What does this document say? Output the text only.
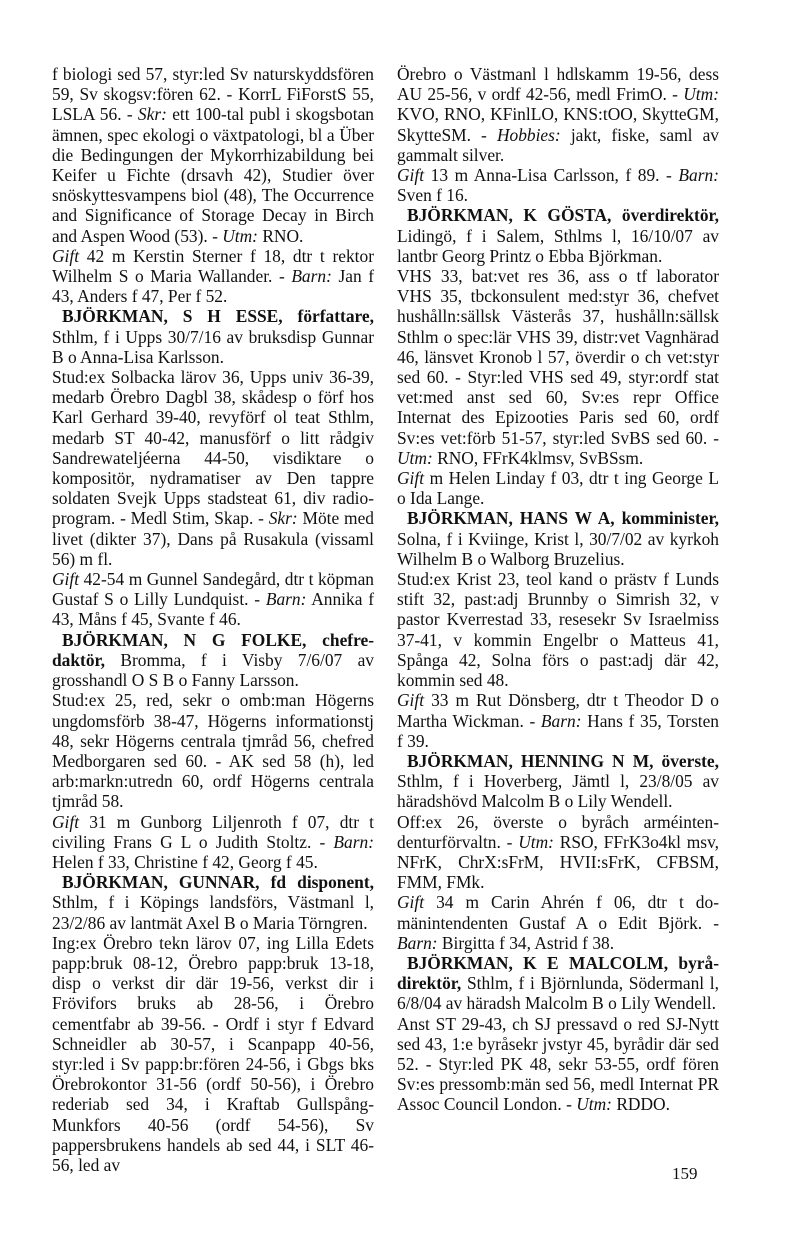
f biologi sed 57, styr:led Sv naturskyddsfören 59, Sv skogsv:fören 62. - KorrL FiForstS 55, LSLA 56. - Skr: ett 100-tal publ i skogsbotan ämnen, spec ekologi o växtpatologi, bl a Über die Bedingungen der Mykorrhizabildung bei Keifer u Fichte (drsavh 42), Studier över snöskyttesvampens biol (48), The Occurrence and Significance of Storage Decay in Birch and Aspen Wood (53). - Utm: RNO.

Gift 42 m Kerstin Sterner f 18, dtr t rektor Wilhelm S o Maria Wallander. - Barn: Jan f 43, Anders f 47, Per f 52.

BJÖRKMAN, S H ESSE, författare, Sthlm, f i Upps 30/7/16 av bruksdisp Gunnar B o Anna-Lisa Karlsson.

Stud:ex Solbacka lärov 36, Upps univ 36-39, medarb Örebro Dagbl 38, skådesp o förf hos Karl Gerhard 39-40, revyförf ol teat Sthlm, medarb ST 40-42, manusförf o litt rådgiv Sandrewateljéerna 44-50, visdiktare o kompositör, nydramatiser av Den tappre soldaten Svejk Upps stadsteat 61, div radioprogram. - Medl Stim, Skap. - Skr: Möte med livet (dikter 37), Dans på Rusakula (vissaml 56) m fl.

Gift 42-54 m Gunnel Sandegård, dtr t köpman Gustaf S o Lilly Lundquist. - Barn: Annika f 43, Måns f 45, Svante f 46.

BJÖRKMAN, N G FOLKE, chefredaktör, Bromma, f i Visby 7/6/07 av grosshandl O S B o Fanny Larsson.

Stud:ex 25, red, sekr o omb:man Högerns ungdomsförb 38-47, Högerns informationstj 48, sekr Högerns centrala tjmråd 56, chefred Medborgaren sed 60. - AK sed 58 (h), led arb:markn:utredn 60, ordf Högerns centrala tjmråd 58.

Gift 31 m Gunborg Liljenroth f 07, dtr t civiling Frans G L o Judith Stoltz. - Barn: Helen f 33, Christine f 42, Georg f 45.

BJÖRKMAN, GUNNAR, fd disponent, Sthlm, f i Köpings landsförs, Västmanl l, 23/2/86 av lantmät Axel B o Maria Törngren.

Ing:ex Örebro tekn lärov 07, ing Lilla Edets papp:bruk 08-12, Örebro papp:bruk 13-18, disp o verkst dir där 19-56, verkst dir i Frövifors bruks ab 28-56, i Örebro cementfabr ab 39-56. - Ordf i styr f Edvard Schneidler ab 30-57, i Scanpapp 40-56, styr:led i Sv papp:br:fören 24-56, i Gbgs bks Örebrokontor 31-56 (ordf 50-56), i Örebro rederiab sed 34, i Kraftab Gullspång-Munkfors 40-56 (ordf 54-56), Sv pappersbrukens handels ab sed 44, i SLT 46-56, led av

Örebro o Västmanl l hdlskamm 19-56, dess AU 25-56, v ordf 42-56, medl FrimO. - Utm: KVO, RNO, KFinlLO, KNS:tOO, SkytteGM, SkytteSM. - Hobbies: jakt, fiske, saml av gammalt silver.

Gift 13 m Anna-Lisa Carlsson, f 89. - Barn: Sven f 16.

BJÖRKMAN, K GÖSTA, överdirektör, Lidingö, f i Salem, Sthlms l, 16/10/07 av lantbr Georg Printz o Ebba Björkman.

VHS 33, bat:vet res 36, ass o tf laborator VHS 35, tbckonsulent med:styr 36, chefvet hushålln:sällsk Västerås 37, hushålln:sällsk Sthlm o spec:lär VHS 39, distr:vet Vagnhärad 46, länsvet Kronob l 57, överdir o ch vet:styr sed 60. - Styr:led VHS sed 49, styr:ordf stat vet:med anst sed 60, Sv:es repr Office Internat des Epizooties Paris sed 60, ordf Sv:es vet:förb 51-57, styr:led SvBS sed 60. - Utm: RNO, FFrK4klmsv, SvBSsm.

Gift m Helen Linday f 03, dtr t ing George L o Ida Lange.

BJÖRKMAN, HANS W A, komminister, Solna, f i Kviinge, Krist l, 30/7/02 av kyrkoh Wilhelm B o Walborg Bruzelius.

Stud:ex Krist 23, teol kand o prästv f Lunds stift 32, past:adj Brunnby o Simrish 32, v pastor Kverrestad 33, resesekr Sv Israelmiss 37-41, v kommin Engelbr o Matteus 41, Spånga 42, Solna förs o past:adj där 42, kommin sed 48.

Gift 33 m Rut Dönsberg, dtr t Theodor D o Martha Wickman. - Barn: Hans f 35, Torsten f 39.

BJÖRKMAN, HENNING N M, överste, Sthlm, f i Hoverberg, Jämtl l, 23/8/05 av häradshövd Malcolm B o Lily Wendell.

Off:ex 26, överste o byråch arméintendenturförvaltn. - Utm: RSO, FFrK3o4kl msv, NFrK, ChrX:sFrM, HVII:sFrK, CFBSM, FMM, FMk.

Gift 34 m Carin Ahrén f 06, dtr t domänintendenten Gustaf A o Edit Björk. - Barn: Birgitta f 34, Astrid f 38.

BJÖRKMAN, K E MALCOLM, byrådirektör, Sthlm, f i Björnlunda, Södermanl l, 6/8/04 av häradsh Malcolm B o Lily Wendell.

Anst ST 29-43, ch SJ pressavd o red SJ-Nytt sed 43, 1:e byråsekr jvstyr 45, byrådir där sed 52. - Styr:led PK 48, sekr 53-55, ordf fören Sv:es pressomb:män sed 56, medl Internat PR Assoc Council London. - Utm: RDDO.

159
